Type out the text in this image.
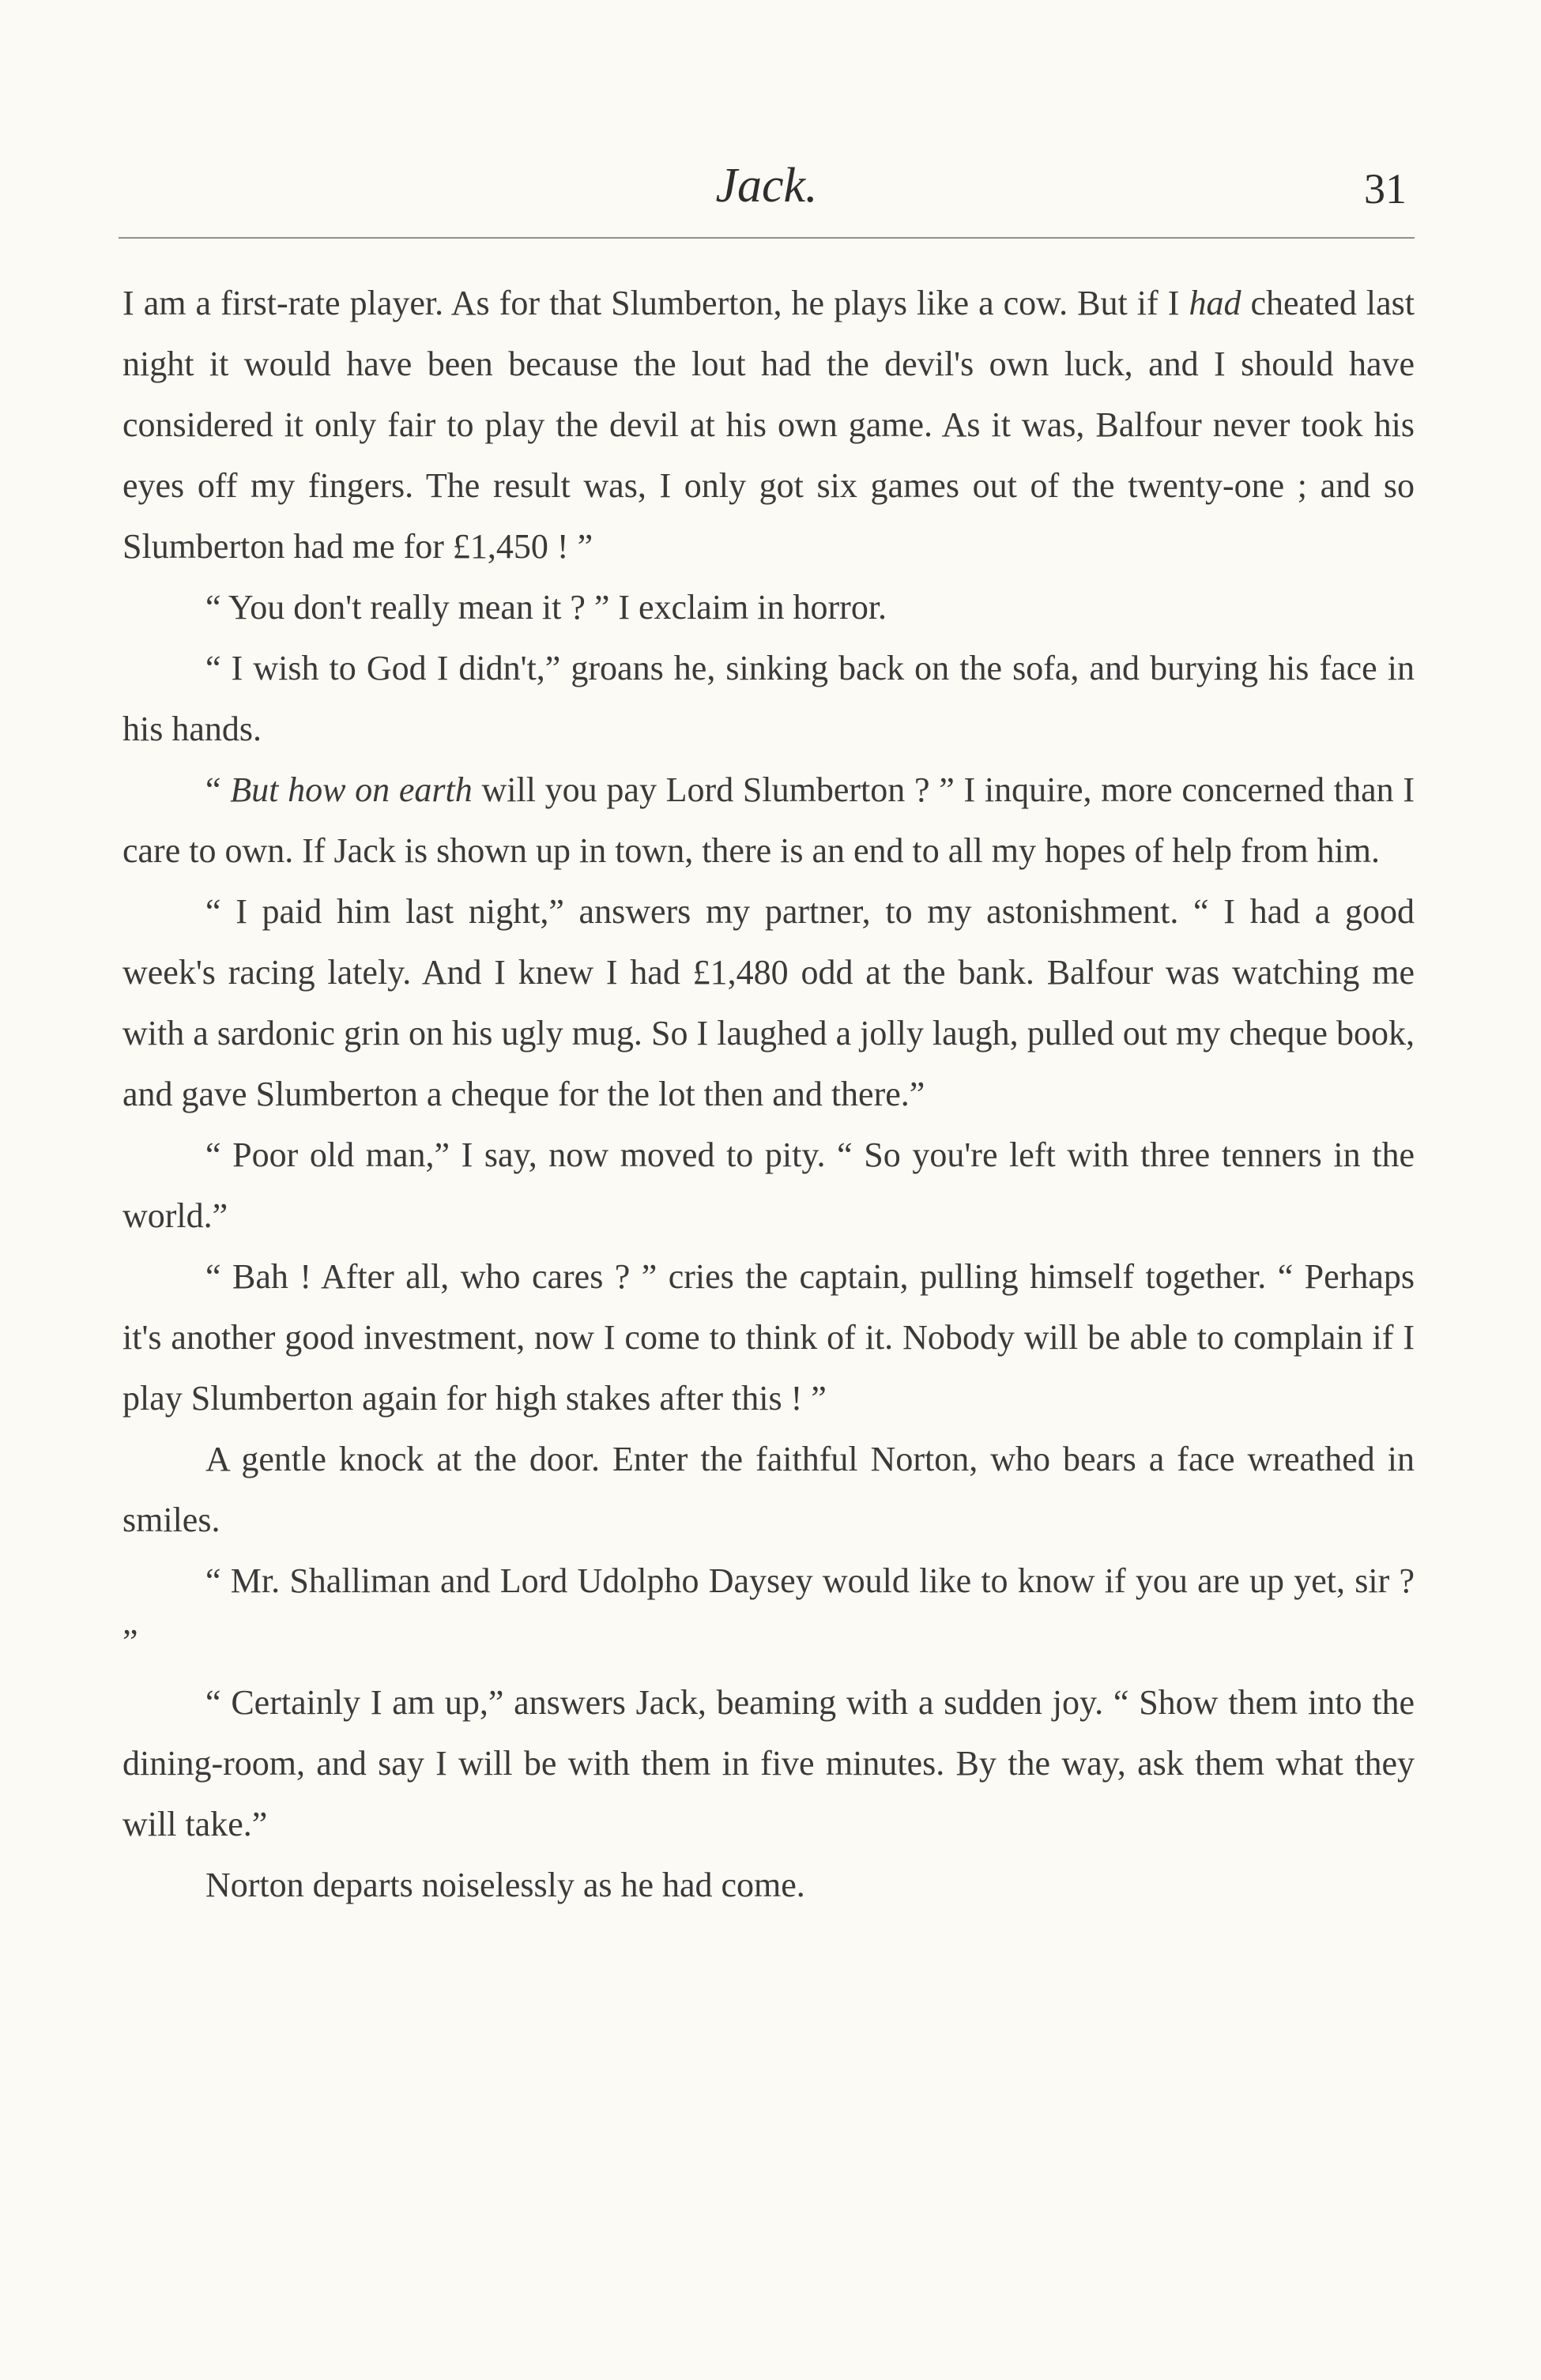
Jack.	31

I am a first-rate player. As for that Slumberton, he plays like a cow. But if I had cheated last night it would have been because the lout had the devil's own luck, and I should have considered it only fair to play the devil at his own game. As it was, Balfour never took his eyes off my fingers. The result was, I only got six games out of the twenty-one ; and so Slumberton had me for £1,450 ! ”

“ You don't really mean it ? ” I exclaim in horror.

“ I wish to God I didn't,” groans he, sinking back on the sofa, and burying his face in his hands.

“ But how on earth will you pay Lord Slumberton ? ” I inquire, more concerned than I care to own. If Jack is shown up in town, there is an end to all my hopes of help from him.

“ I paid him last night,” answers my partner, to my astonishment. “ I had a good week's racing lately. And I knew I had £1,480 odd at the bank. Balfour was watching me with a sardonic grin on his ugly mug. So I laughed a jolly laugh, pulled out my cheque book, and gave Slumberton a cheque for the lot then and there.”

“ Poor old man,” I say, now moved to pity. “ So you're left with three tenners in the world.”

“ Bah ! After all, who cares ? ” cries the captain, pulling himself together. “ Perhaps it's another good investment, now I come to think of it. Nobody will be able to complain if I play Slumberton again for high stakes after this ! ”

A gentle knock at the door. Enter the faithful Norton, who bears a face wreathed in smiles.

“ Mr. Shalliman and Lord Udolpho Daysey would like to know if you are up yet, sir ? ”

“ Certainly I am up,” answers Jack, beaming with a sudden joy. “ Show them into the dining-room, and say I will be with them in five minutes. By the way, ask them what they will take.”

Norton departs noiselessly as he had come.
